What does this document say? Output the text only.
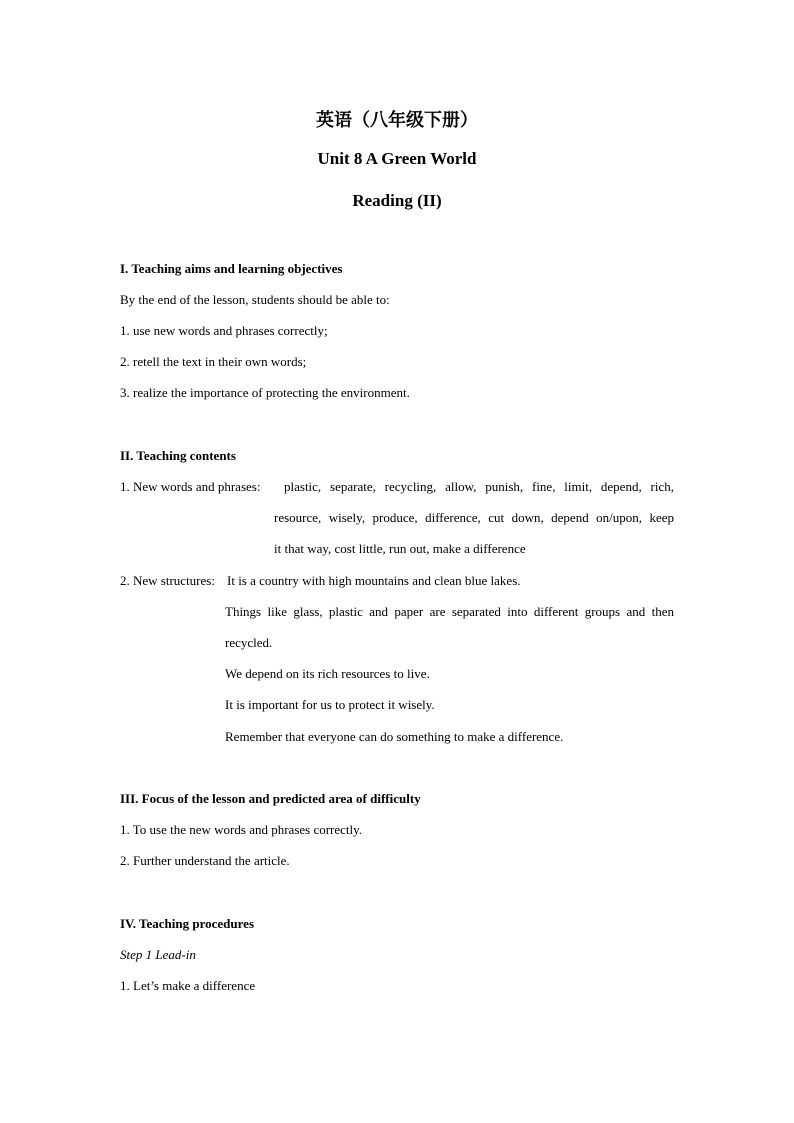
英语（八年级下册）
Unit 8 A Green World
Reading (II)
I. Teaching aims and learning objectives
By the end of the lesson, students should be able to:
1. use new words and phrases correctly;
2. retell the text in their own words;
3. realize the importance of protecting the environment.
II. Teaching contents
1. New words and phrases: plastic, separate, recycling, allow, punish, fine, limit, depend, rich,
resource, wisely, produce, difference, cut down, depend on/upon, keep
it that way, cost little, run out, make a difference
2. New structures: It is a country with high mountains and clean blue lakes.
Things like glass, plastic and paper are separated into different groups and then
recycled.
We depend on its rich resources to live.
It is important for us to protect it wisely.
Remember that everyone can do something to make a difference.
III. Focus of the lesson and predicted area of difficulty
1. To use the new words and phrases correctly.
2. Further understand the article.
IV. Teaching procedures
Step 1 Lead-in
1. Let’s make a difference
